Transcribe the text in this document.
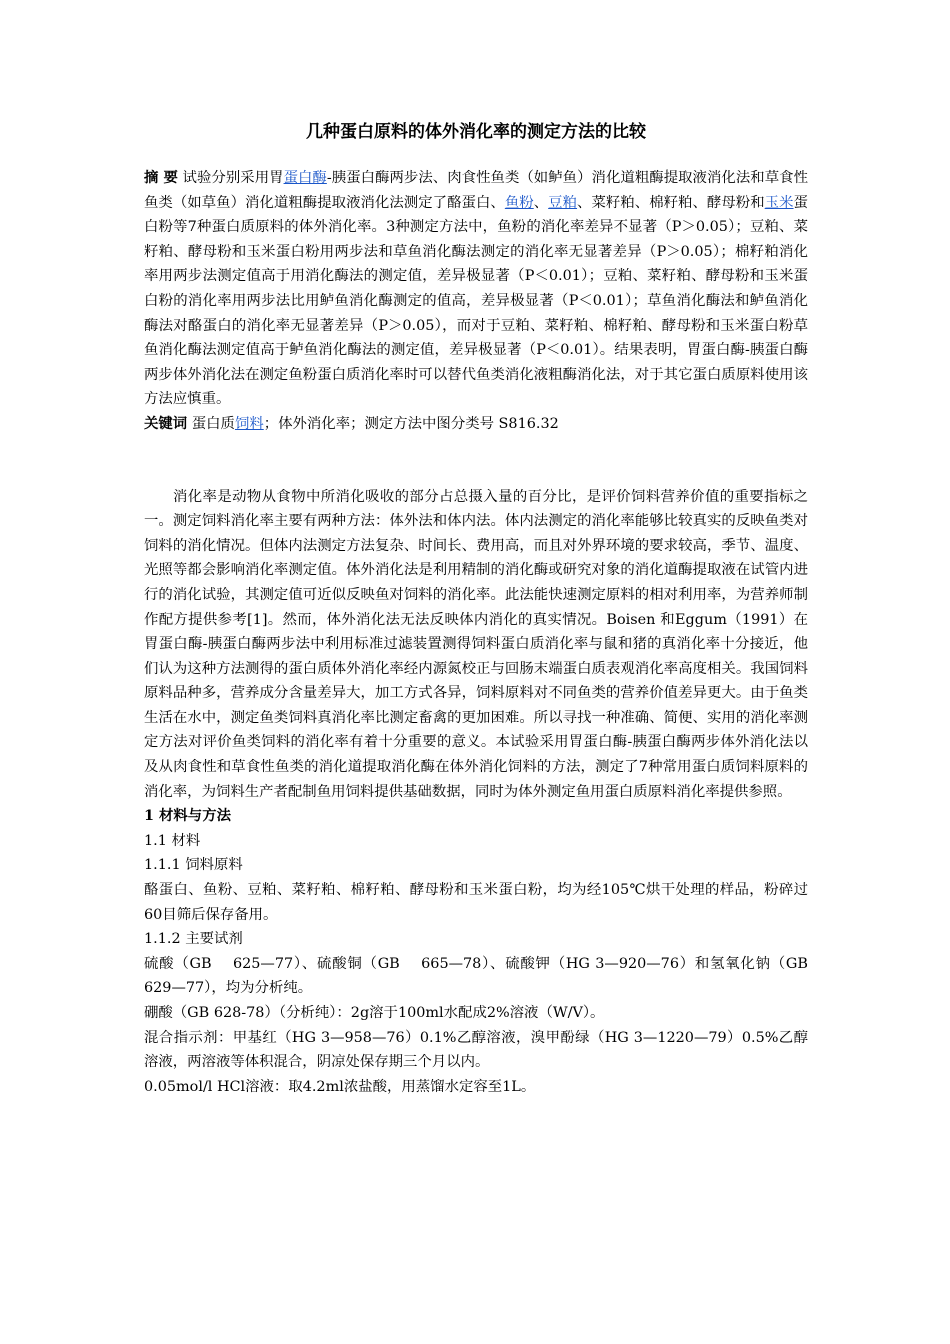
几种蛋白原料的体外消化率的测定方法的比较

摘 要 试验分别采用胃蛋白酶-胰蛋白酶两步法、肉食性鱼类（如鲈鱼）消化道粗酶提取液消化法和草食性鱼类（如草鱼）消化道粗酶提取液消化法测定了酪蛋白、鱼粉、豆粕、菜籽粕、棉籽粕、酵母粉和玉米蛋白粉等7种蛋白质原料的体外消化率。3种测定方法中，鱼粉的消化率差异不显著（P＞0.05）；豆粕、菜籽粕、酵母粉和玉米蛋白粉用两步法和草鱼消化酶法测定的消化率无显著差异（P＞0.05）；棉籽粕消化率用两步法测定值高于用消化酶法的测定值，差异极显著（P＜0.01）；豆粕、菜籽粕、酵母粉和玉米蛋白粉的消化率用两步法比用鲈鱼消化酶测定的值高，差异极显著（P＜0.01）；草鱼消化酶法和鲈鱼消化酶法对酪蛋白的消化率无显著差异（P＞0.05），而对于豆粕、菜籽粕、棉籽粕、酵母粉和玉米蛋白粉草鱼消化酶法测定值高于鲈鱼消化酶法的测定值，差异极显著（P＜0.01）。结果表明，胃蛋白酶-胰蛋白酶两步体外消化法在测定鱼粉蛋白质消化率时可以替代鱼类消化液粗酶消化法，对于其它蛋白质原料使用该方法应慎重。

关键词 蛋白质饲料；体外消化率；测定方法中图分类号 S816.32

消化率是动物从食物中所消化吸收的部分占总摄入量的百分比，是评价饲料营养价值的重要指标之一。测定饲料消化率主要有两种方法：体外法和体内法。体内法测定的消化率能够比较真实的反映鱼类对饲料的消化情况。但体内法测定方法复杂、时间长、费用高，而且对外界环境的要求较高，季节、温度、光照等都会影响消化率测定值。体外消化法是利用精制的消化酶或研究对象的消化道酶提取液在试管内进行的消化试验，其测定值可近似反映鱼对饲料的消化率。此法能快速测定原料的相对利用率，为营养师制作配方提供参考[1]。然而，体外消化法无法反映体内消化的真实情况。Boisen 和Eggum（1991）在胃蛋白酶-胰蛋白酶两步法中利用标准过滤装置测得饲料蛋白质消化率与鼠和猪的真消化率十分接近，他们认为这种方法测得的蛋白质体外消化率经内源氮校正与回肠末端蛋白质表观消化率高度相关。我国饲料原料品种多，营养成分含量差异大，加工方式各异，饲料原料对不同鱼类的营养价值差异更大。由于鱼类生活在水中，测定鱼类饲料真消化率比测定畜禽的更加困难。所以寻找一种准确、简便、实用的消化率测定方法对评价鱼类饲料的消化率有着十分重要的意义。本试验采用胃蛋白酶-胰蛋白酶两步体外消化法以及从肉食性和草食性鱼类的消化道提取消化酶在体外消化饲料的方法，测定了7种常用蛋白质饲料原料的消化率，为饲料生产者配制鱼用饲料提供基础数据，同时为体外测定鱼用蛋白质原料消化率提供参照。

1 材料与方法

1.1 材料

1.1.1 饲料原料

酪蛋白、鱼粉、豆粕、菜籽粕、棉籽粕、酵母粉和玉米蛋白粉，均为经105℃烘干处理的样品，粉碎过60目筛后保存备用。

1.1.2 主要试剂

硫酸（GB    625—77）、硫酸铜（GB    665—78）、硫酸钾（HG 3—920—76）和氢氧化钠（GB 629—77），均为分析纯。

硼酸（GB 628-78）（分析纯）：2g溶于100ml水配成2%溶液（W/V）。

混合指示剂：甲基红（HG 3—958—76）0.1%乙醇溶液，溴甲酚绿（HG 3—1220—79）0.5%乙醇溶液，两溶液等体积混合，阴凉处保存期三个月以内。

0.05mol/l HCl溶液：取4.2ml浓盐酸，用蒸馏水定容至1L。
